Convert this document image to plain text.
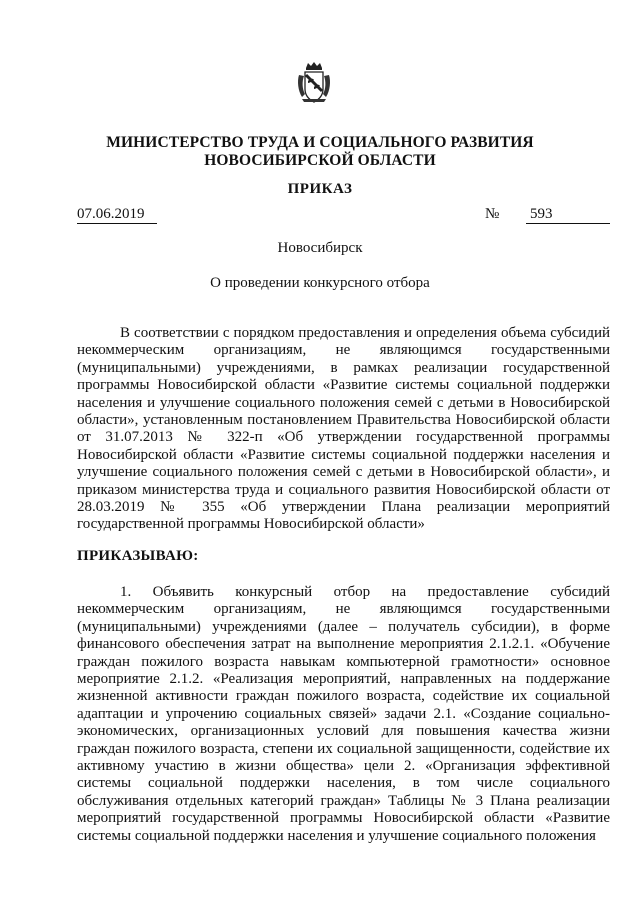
МИНИСТЕРСТВО ТРУДА И СОЦИАЛЬНОГО РАЗВИТИЯ
НОВОСИБИРСКОЙ ОБЛАСТИ
ПРИКАЗ
07.06.2019	№ 593
Новосибирск
О проведении конкурсного отбора

В соответствии с порядком предоставления и определения объема субсидий некоммерческим организациям, не являющимся государственными (муниципальными) учреждениями, в рамках реализации государственной программы Новосибирской области «Развитие системы социальной поддержки населения и улучшение социального положения семей с детьми в Новосибирской области», установленным постановлением Правительства Новосибирской области от 31.07.2013 № 322-п «Об утверждении государственной программы Новосибирской области «Развитие системы социальной поддержки населения и улучшение социального положения семей с детьми в Новосибирской области», и приказом министерства труда и социального развития Новосибирской области от 28.03.2019 № 355 «Об утверждении Плана реализации мероприятий государственной программы Новосибирской области»

ПРИКАЗЫВАЮ:

1. Объявить конкурсный отбор на предоставление субсидий некоммерческим организациям, не являющимся государственными (муниципальными) учреждениями (далее – получатель субсидии), в форме финансового обеспечения затрат на выполнение мероприятия 2.1.2.1. «Обучение граждан пожилого возраста навыкам компьютерной грамотности» основное мероприятие 2.1.2. «Реализация мероприятий, направленных на поддержание жизненной активности граждан пожилого возраста, содействие их социальной адаптации и упрочению социальных связей» задачи 2.1. «Создание социально-экономических, организационных условий для повышения качества жизни граждан пожилого возраста, степени их социальной защищенности, содействие их активному участию в жизни общества» цели 2. «Организация эффективной системы социальной поддержки населения, в том числе социального обслуживания отдельных категорий граждан» Таблицы № 3 Плана реализации мероприятий государственной программы Новосибирской области «Развитие системы социальной поддержки населения и улучшение социального положения
